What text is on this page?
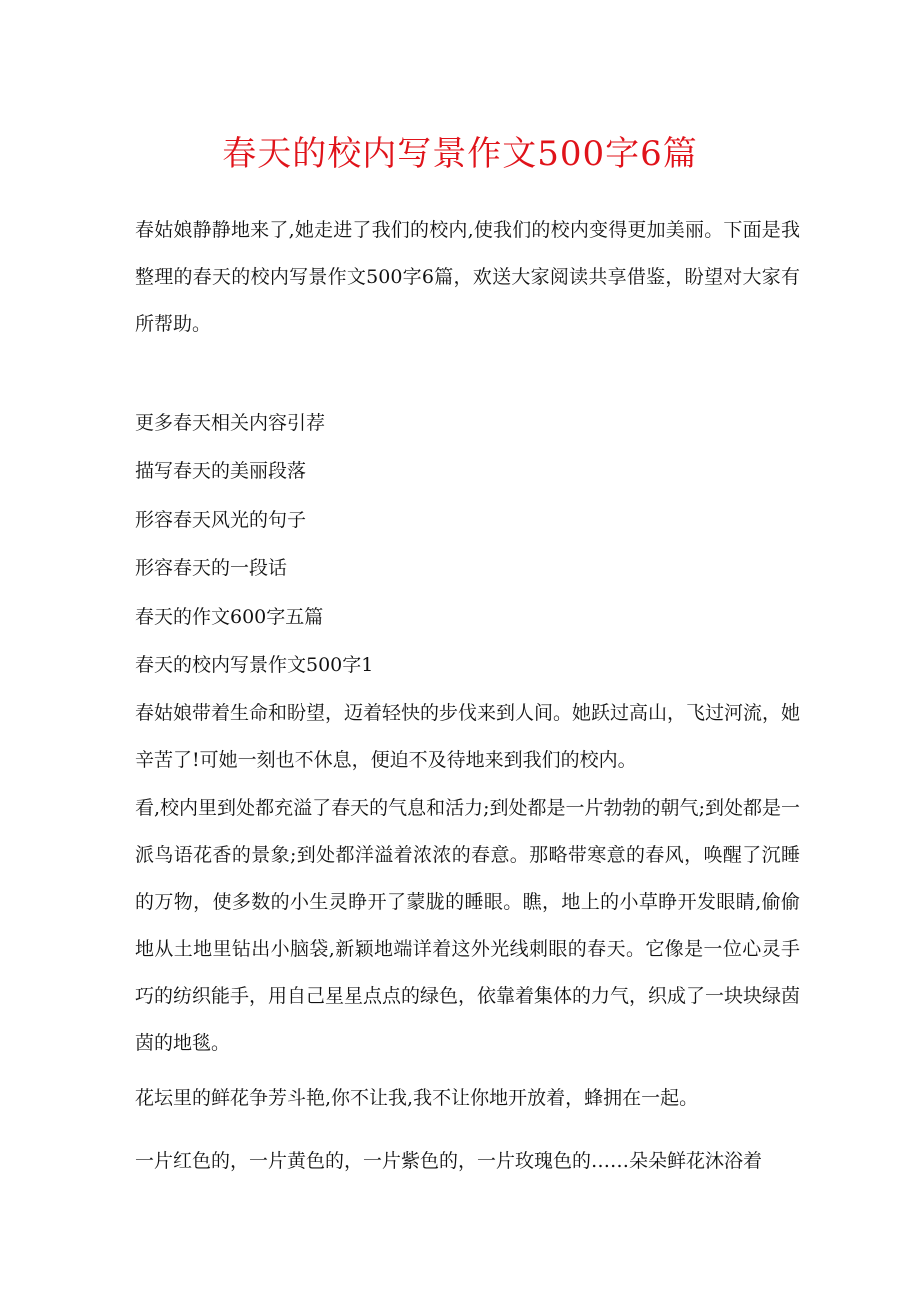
春天的校内写景作文500字6篇

春姑娘静静地来了,她走进了我们的校内,使我们的校内变得更加美丽。下面是我整理的春天的校内写景作文500字6篇，欢送大家阅读共享借鉴，盼望对大家有所帮助。

更多春天相关内容引荐

描写春天的美丽段落

形容春天风光的句子

形容春天的一段话

春天的作文600字五篇

春天的校内写景作文500字1

春姑娘带着生命和盼望，迈着轻快的步伐来到人间。她跃过高山，飞过河流，她辛苦了!可她一刻也不休息，便迫不及待地来到我们的校内。

看,校内里到处都充溢了春天的气息和活力;到处都是一片勃勃的朝气;到处都是一派鸟语花香的景象;到处都洋溢着浓浓的春意。那略带寒意的春风，唤醒了沉睡的万物，使多数的小生灵睁开了蒙胧的睡眼。瞧，地上的小草睁开发眼睛,偷偷地从土地里钻出小脑袋,新颖地端详着这外光线刺眼的春天。它像是一位心灵手巧的纺织能手，用自己星星点点的绿色，依靠着集体的力气，织成了一块块绿茵茵的地毯。

花坛里的鲜花争芳斗艳,你不让我,我不让你地开放着，蜂拥在一起。

一片红色的，一片黄色的，一片紫色的，一片玫瑰色的……朵朵鲜花沐浴着
